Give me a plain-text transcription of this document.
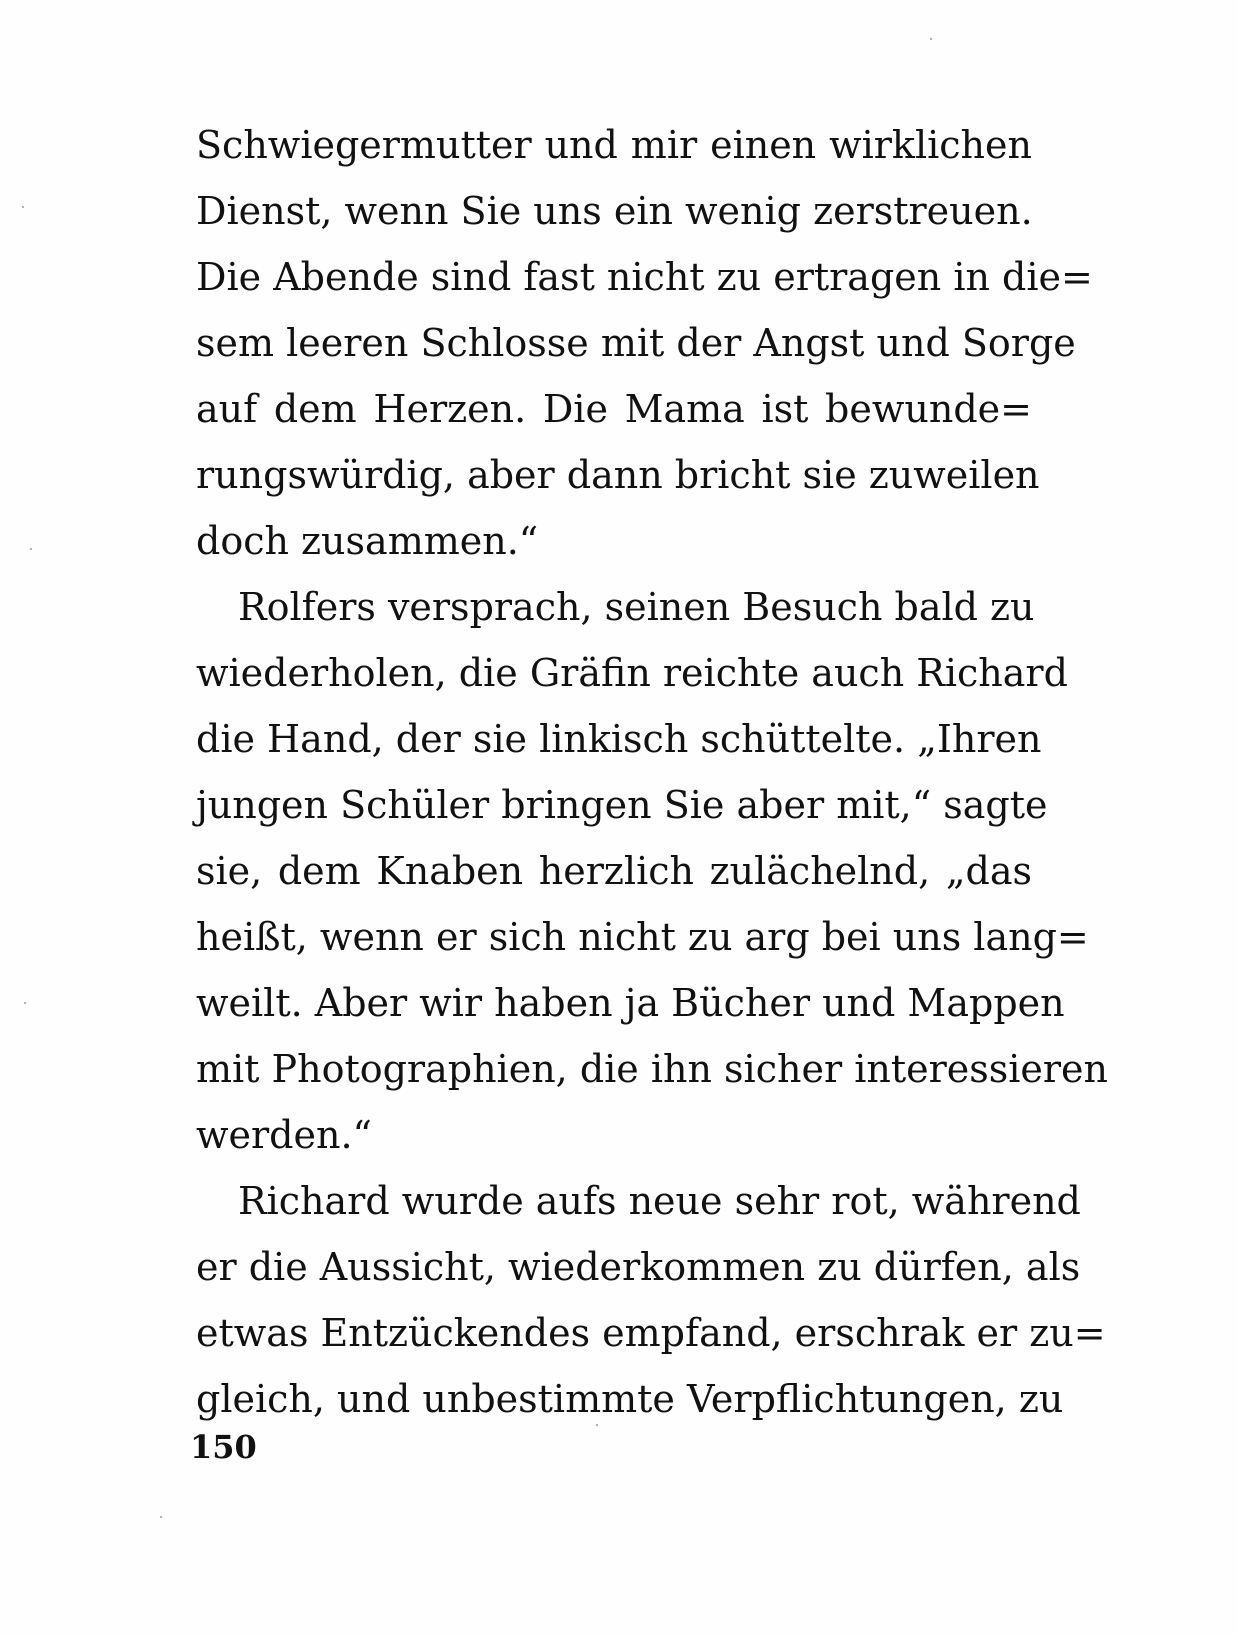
Schwiegermutter und mir einen wirklichen
Dienst, wenn Sie uns ein wenig zerstreuen.
Die Abende sind fast nicht zu ertragen in die=
sem leeren Schlosse mit der Angst und Sorge
auf dem Herzen. Die Mama ist bewunde=
rungswürdig, aber dann bricht sie zuweilen
doch zusammen.“
Rolfers versprach, seinen Besuch bald zu
wiederholen, die Gräfin reichte auch Richard
die Hand, der sie linkisch schüttelte. „Ihren
jungen Schüler bringen Sie aber mit,“ sagte
sie, dem Knaben herzlich zulächelnd, „das
heißt, wenn er sich nicht zu arg bei uns lang=
weilt. Aber wir haben ja Bücher und Mappen
mit Photographien, die ihn sicher interessieren
werden.“
Richard wurde aufs neue sehr rot, während
er die Aussicht, wiederkommen zu dürfen, als
etwas Entzückendes empfand, erschrak er zu=
gleich, und unbestimmte Verpflichtungen, zu
150
